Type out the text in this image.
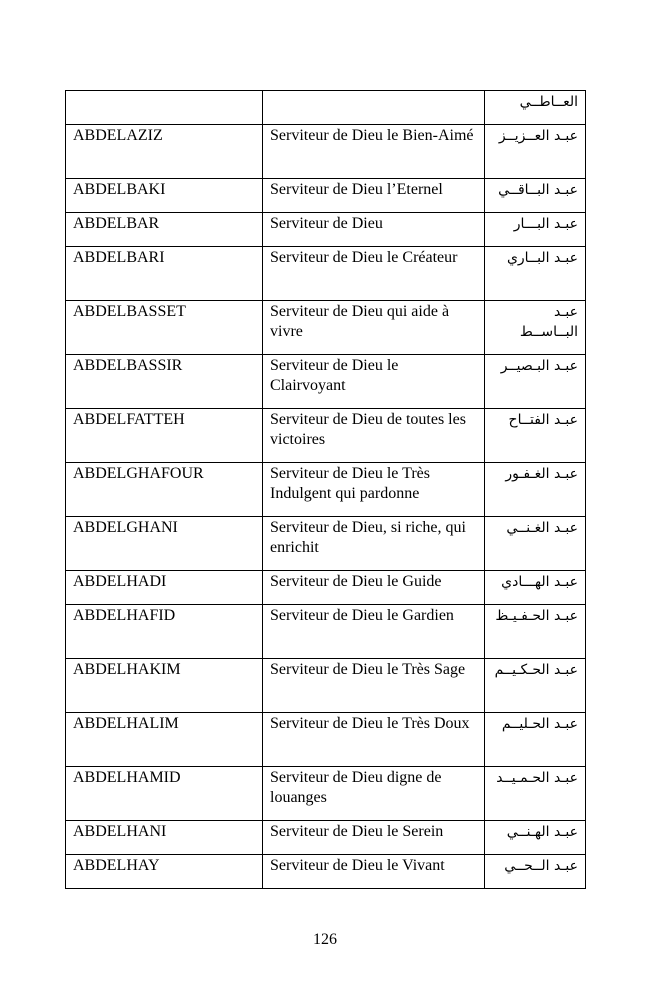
		العــاطــي
ABDELAZIZ	Serviteur de Dieu le Bien-Aimé	عبـد العــزيــز
ABDELBAKI	Serviteur de Dieu l’Eternel	عبـد البــاقــي
ABDELBAR	Serviteur de Dieu	عبـد البـــار
ABDELBARI	Serviteur de Dieu le Créateur	عبـد البــاري
ABDELBASSET	Serviteur de Dieu qui aide à vivre	عبـد البــاســط
ABDELBASSIR	Serviteur de Dieu le Clairvoyant	عبـد البـصيــر
ABDELFATTEH	Serviteur de Dieu de toutes les victoires	عبـد الفتــاح
ABDELGHAFOUR	Serviteur de Dieu le Très Indulgent qui pardonne	عبـد الغـفـور
ABDELGHANI	Serviteur de Dieu, si riche, qui enrichit	عبـد الغـنــي
ABDELHADI	Serviteur de Dieu le Guide	عبـد الهـــادي
ABDELHAFID	Serviteur de Dieu le Gardien	عبـد الحـفـيـظ
ABDELHAKIM	Serviteur de Dieu le Très Sage	عبـد الحـكـيــم
ABDELHALIM	Serviteur de Dieu le Très Doux	عبـد الحـليــم
ABDELHAMID	Serviteur de Dieu digne de louanges	عبـد الحـمـيــد
ABDELHANI	Serviteur de Dieu le Serein	عبـد الهـنــي
ABDELHAY	Serviteur de Dieu le Vivant	عبـد الــحــي
126
